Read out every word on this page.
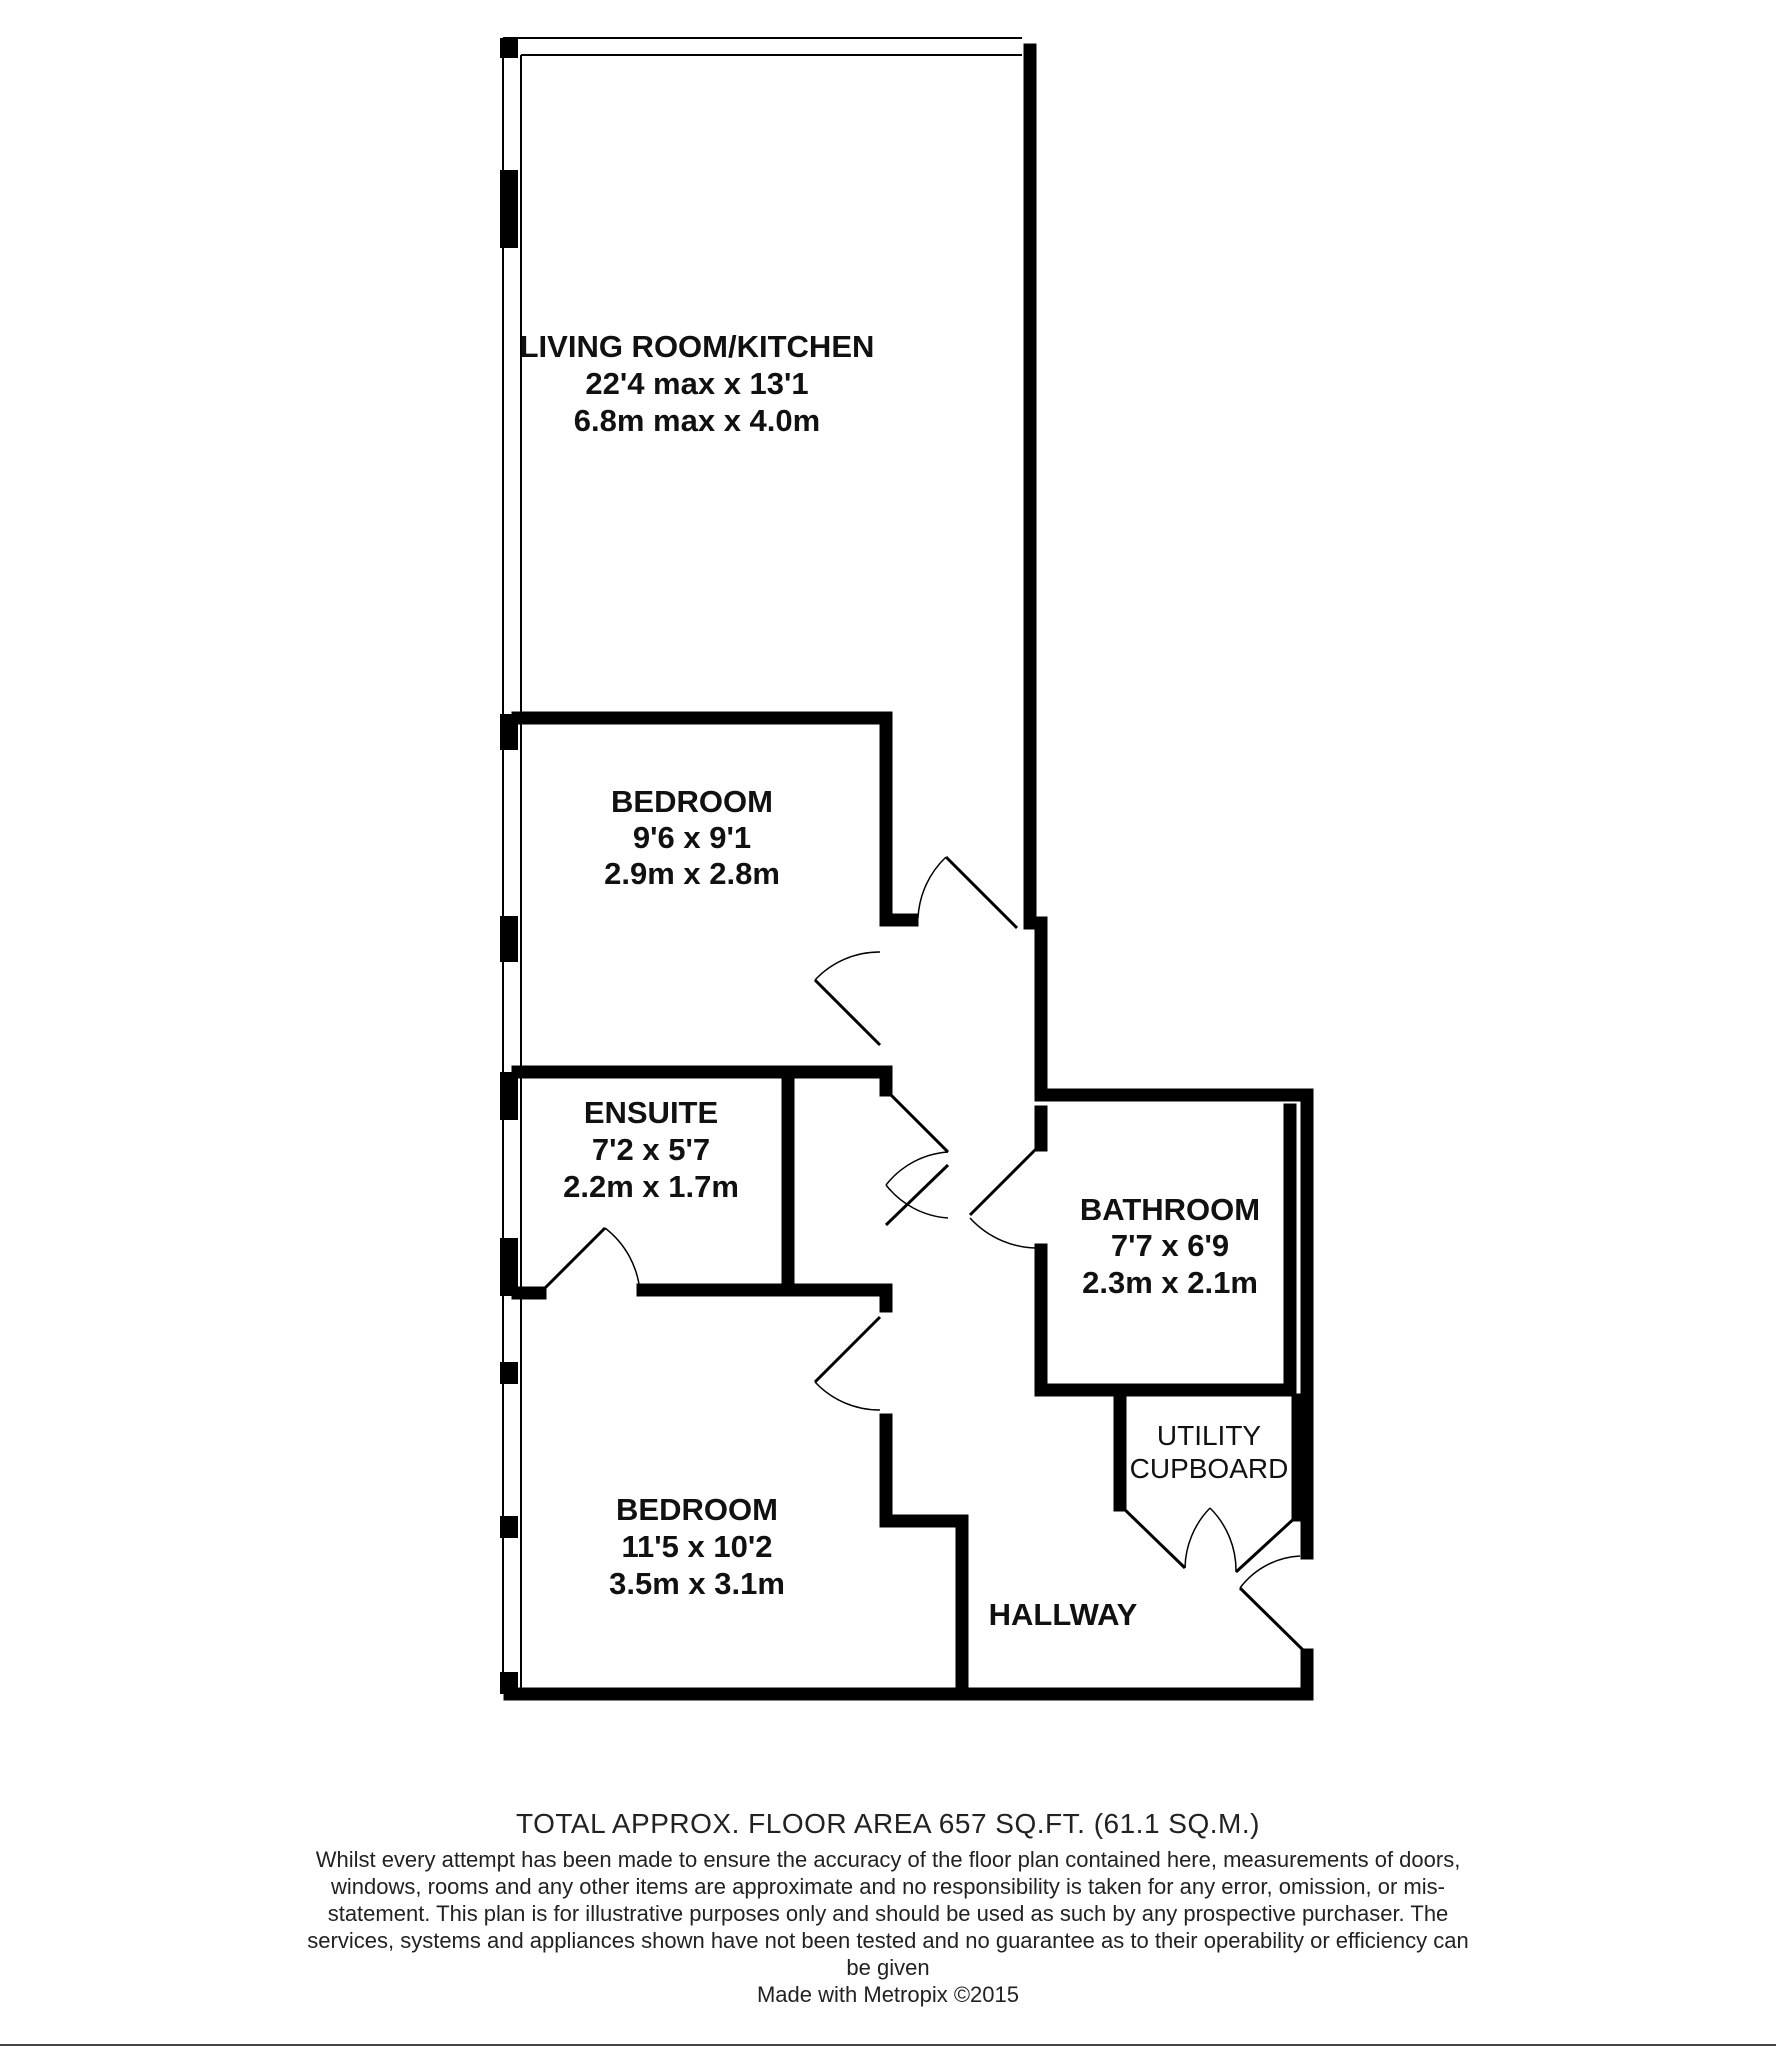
LIVING ROOM/KITCHEN
22'4 max x 13'1
6.8m max x 4.0m
BEDROOM
9'6 x 9'1
2.9m x 2.8m
ENSUITE
7'2 x 5'7
2.2m x 1.7m
BATHROOM
7'7 x 6'9
2.3m x 2.1m
UTILITY
CUPBOARD
BEDROOM
11'5 x 10'2
3.5m x 3.1m
HALLWAY
TOTAL APPROX. FLOOR AREA 657 SQ.FT. (61.1 SQ.M.)
Whilst every attempt has been made to ensure the accuracy of the floor plan contained here, measurements of doors, windows, rooms and any other items are approximate and no responsibility is taken for any error, omission, or mis-statement. This plan is for illustrative purposes only and should be used as such by any prospective purchaser. The services, systems and appliances shown have not been tested and no guarantee as to their operability or efficiency can be given
Made with Metropix ©2015
